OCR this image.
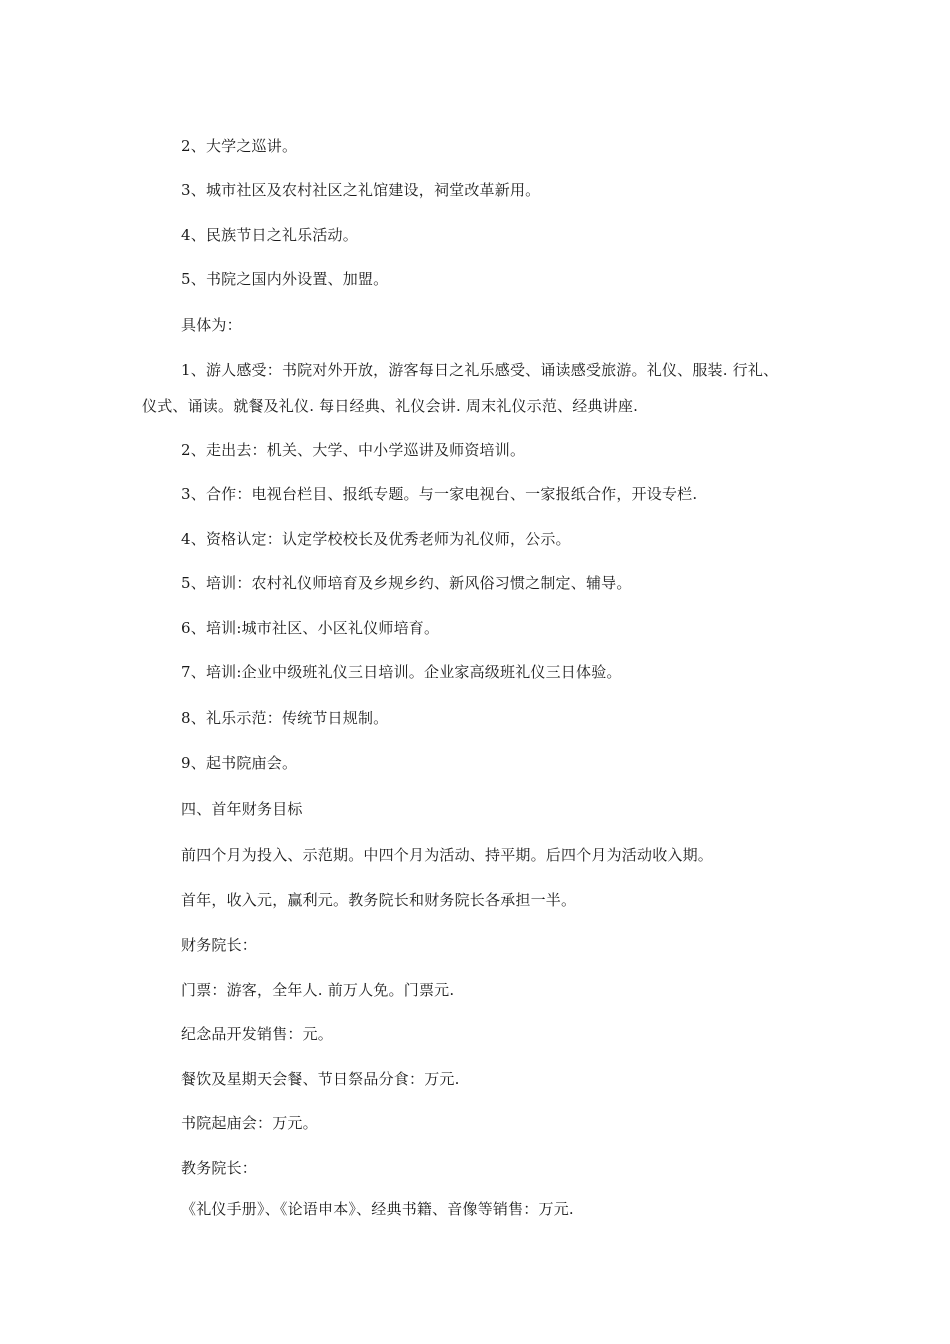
2、大学之巡讲。
3、城市社区及农村社区之礼馆建设，祠堂改革新用。
4、民族节日之礼乐活动。
5、书院之国内外设置、加盟。
具体为：
1、游人感受：书院对外开放，游客每日之礼乐感受、诵读感受旅游。礼仪、服装. 行礼、
仪式、诵读。就餐及礼仪. 每日经典、礼仪会讲. 周末礼仪示范、经典讲座.
2、走出去：机关、大学、中小学巡讲及师资培训。
3、合作：电视台栏目、报纸专题。与一家电视台、一家报纸合作，开设专栏.
4、资格认定：认定学校校长及优秀老师为礼仪师，公示。
5、培训：农村礼仪师培育及乡规乡约、新风俗习惯之制定、辅导。
6、培训:城市社区、小区礼仪师培育。
7、培训:企业中级班礼仪三日培训。企业家高级班礼仪三日体验。
8、礼乐示范：传统节日规制。
9、起书院庙会。
四、首年财务目标
前四个月为投入、示范期。中四个月为活动、持平期。后四个月为活动收入期。
首年，收入元，赢利元。教务院长和财务院长各承担一半。
财务院长：
门票：游客，全年人. 前万人免。门票元.
纪念品开发销售：元。
餐饮及星期天会餐、节日祭品分食：万元.
书院起庙会：万元。
教务院长：
《礼仪手册》、《论语申本》、经典书籍、音像等销售：万元.
